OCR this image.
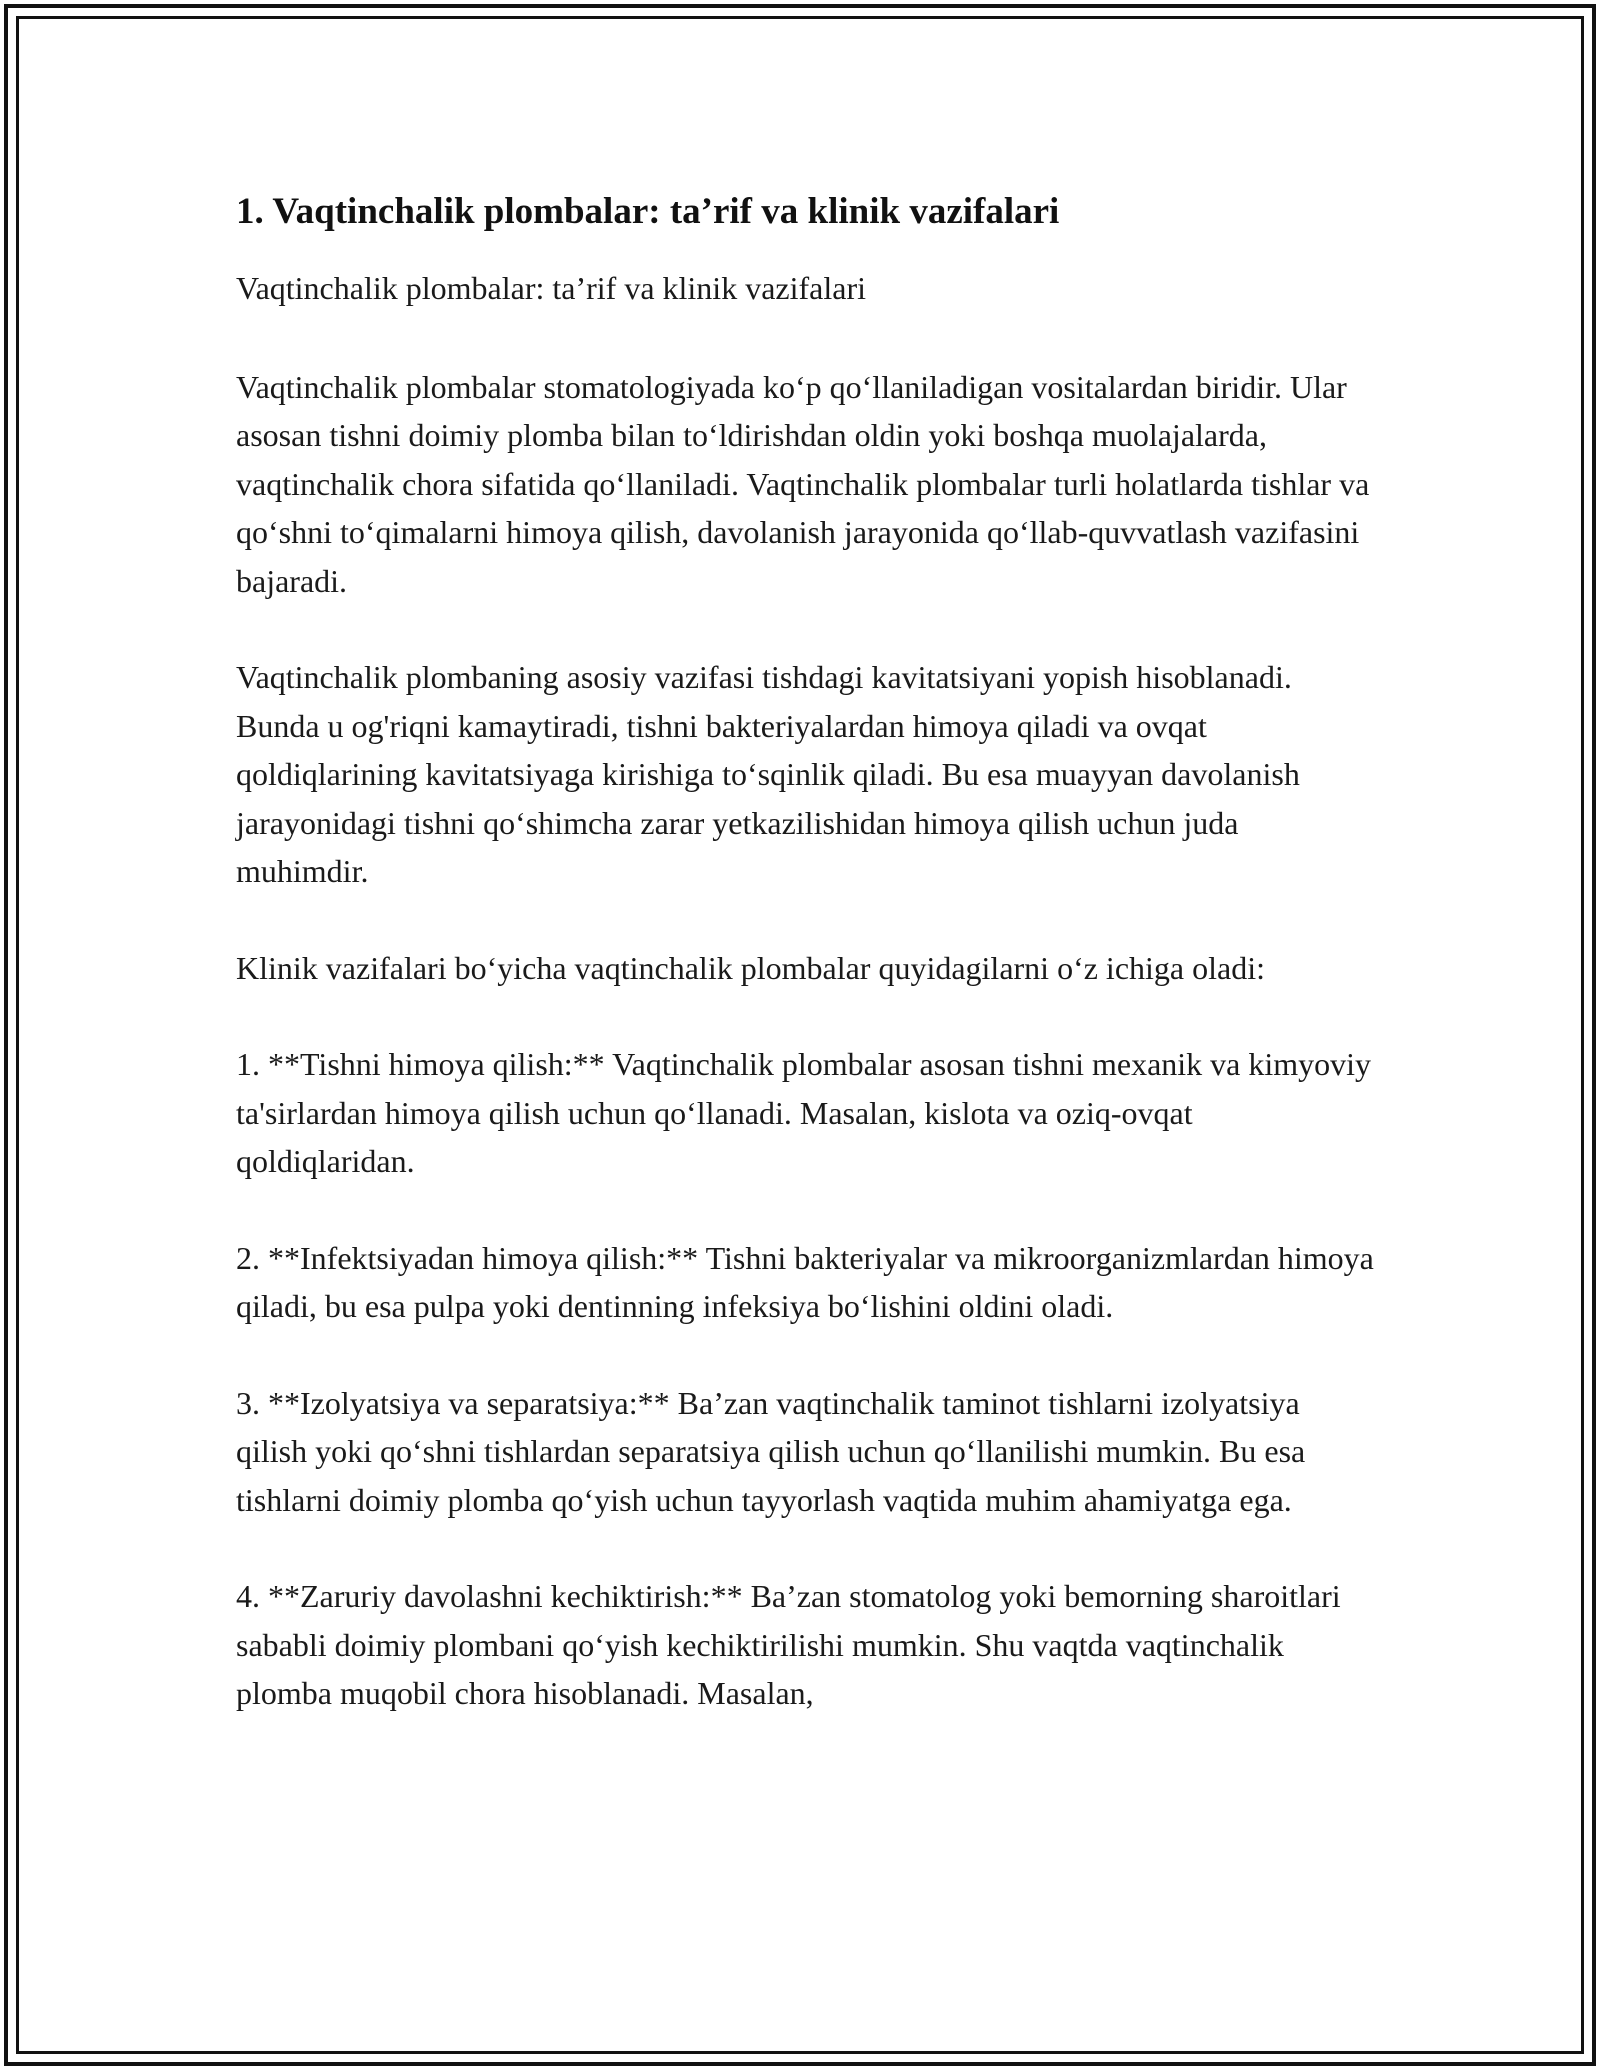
1. Vaqtinchalik plombalar: ta’rif va klinik vazifalari

Vaqtinchalik plombalar: ta’rif va klinik vazifalari

Vaqtinchalik plombalar stomatologiyada ko‘p qo‘llaniladigan vositalardan biridir. Ular asosan tishni doimiy plomba bilan to‘ldirishdan oldin yoki boshqa muolajalarda, vaqtinchalik chora sifatida qo‘llaniladi. Vaqtinchalik plombalar turli holatlarda tishlar va qo‘shni to‘qimalarni himoya qilish, davolanish jarayonida qo‘llab-quvvatlash vazifasini bajaradi.

Vaqtinchalik plombaning asosiy vazifasi tishdagi kavitatsiyani yopish hisoblanadi. Bunda u og'riqni kamaytiradi, tishni bakteriyalardan himoya qiladi va ovqat qoldiqlarining kavitatsiyaga kirishiga to‘sqinlik qiladi. Bu esa muayyan davolanish jarayonidagi tishni qo‘shimcha zarar yetkazilishidan himoya qilish uchun juda muhimdir.

Klinik vazifalari bo‘yicha vaqtinchalik plombalar quyidagilarni o‘z ichiga oladi:

1. **Tishni himoya qilish:** Vaqtinchalik plombalar asosan tishni mexanik va kimyoviy ta'sirlardan himoya qilish uchun qo‘llanadi. Masalan, kislota va oziq-ovqat qoldiqlaridan.

2. **Infektsiyadan himoya qilish:** Tishni bakteriyalar va mikroorganizmlardan himoya qiladi, bu esa pulpa yoki dentinning infeksiya bo‘lishini oldini oladi.

3. **Izolyatsiya va separatsiya:** Ba’zan vaqtinchalik taminot tishlarni izolyatsiya qilish yoki qo‘shni tishlardan separatsiya qilish uchun qo‘llanilishi mumkin. Bu esa tishlarni doimiy plomba qo‘yish uchun tayyorlash vaqtida muhim ahamiyatga ega.

4. **Zaruriy davolashni kechiktirish:** Ba’zan stomatolog yoki bemorning sharoitlari sababli doimiy plombani qo‘yish kechiktirilishi mumkin. Shu vaqtda vaqtinchalik plomba muqobil chora hisoblanadi. Masalan,
